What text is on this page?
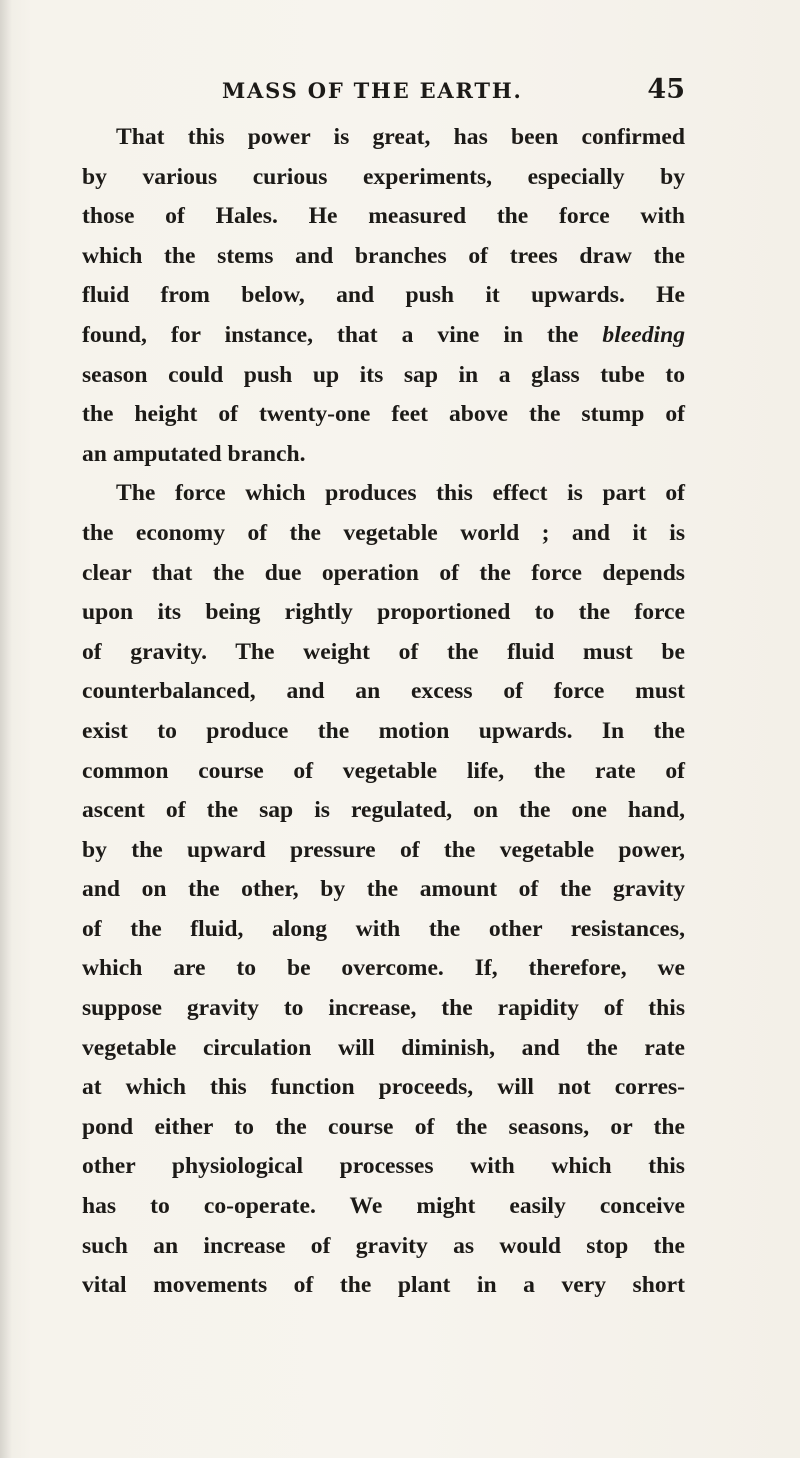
MASS OF THE EARTH.	45
That this power is great, has been confirmed
by various curious experiments, especially by
those of Hales. He measured the force with
which the stems and branches of trees draw the
fluid from below, and push it upwards. He
found, for instance, that a vine in the bleeding
season could push up its sap in a glass tube to
the height of twenty-one feet above the stump of
an amputated branch.
The force which produces this effect is part of
the economy of the vegetable world ; and it is
clear that the due operation of the force depends
upon its being rightly proportioned to the force
of gravity. The weight of the fluid must be
counterbalanced, and an excess of force must
exist to produce the motion upwards. In the
common course of vegetable life, the rate of
ascent of the sap is regulated, on the one hand,
by the upward pressure of the vegetable power,
and on the other, by the amount of the gravity
of the fluid, along with the other resistances,
which are to be overcome. If, therefore, we
suppose gravity to increase, the rapidity of this
vegetable circulation will diminish, and the rate
at which this function proceeds, will not corres-
pond either to the course of the seasons, or the
other physiological processes with which this
has to co-operate. We might easily conceive
such an increase of gravity as would stop the
vital movements of the plant in a very short
